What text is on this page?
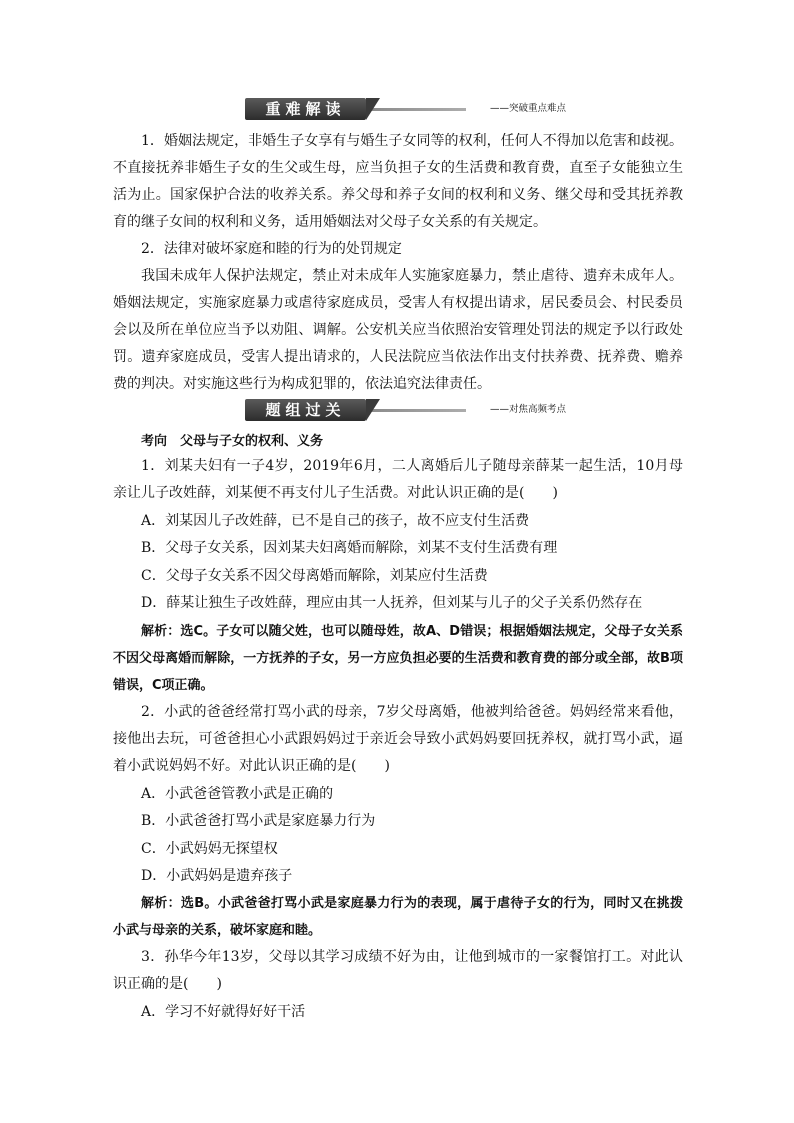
重难解读	——突破重点难点
1．婚姻法规定，非婚生子女享有与婚生子女同等的权利，任何人不得加以危害和歧视。不直接抚养非婚生子女的生父或生母，应当负担子女的生活费和教育费，直至子女能独立生活为止。国家保护合法的收养关系。养父母和养子女间的权利和义务、继父母和受其抚养教育的继子女间的权利和义务，适用婚姻法对父母子女关系的有关规定。
2．法律对破坏家庭和睦的行为的处罚规定
我国未成年人保护法规定，禁止对未成年人实施家庭暴力，禁止虐待、遗弃未成年人。婚姻法规定，实施家庭暴力或虐待家庭成员，受害人有权提出请求，居民委员会、村民委员会以及所在单位应当予以劝阻、调解。公安机关应当依照治安管理处罚法的规定予以行政处罚。遗弃家庭成员，受害人提出请求的，人民法院应当依法作出支付扶养费、抚养费、赡养费的判决。对实施这些行为构成犯罪的，依法追究法律责任。
题组过关	——对焦高频考点
考向　父母与子女的权利、义务
1．刘某夫妇有一子4岁，2019年6月，二人离婚后儿子随母亲薛某一起生活，10月母亲让儿子改姓薛，刘某便不再支付儿子生活费。对此认识正确的是(　　)
A．刘某因儿子改姓薛，已不是自己的孩子，故不应支付生活费
B．父母子女关系，因刘某夫妇离婚而解除，刘某不支付生活费有理
C．父母子女关系不因父母离婚而解除，刘某应付生活费
D．薛某让独生子改姓薛，理应由其一人抚养，但刘某与儿子的父子关系仍然存在
解析：选C。子女可以随父姓，也可以随母姓，故A、D错误；根据婚姻法规定，父母子女关系不因父母离婚而解除，一方抚养的子女，另一方应负担必要的生活费和教育费的部分或全部，故B项错误，C项正确。
2．小武的爸爸经常打骂小武的母亲，7岁父母离婚，他被判给爸爸。妈妈经常来看他，接他出去玩，可爸爸担心小武跟妈妈过于亲近会导致小武妈妈要回抚养权，就打骂小武，逼着小武说妈妈不好。对此认识正确的是(　　)
A．小武爸爸管教小武是正确的
B．小武爸爸打骂小武是家庭暴力行为
C．小武妈妈无探望权
D．小武妈妈是遗弃孩子
解析：选B。小武爸爸打骂小武是家庭暴力行为的表现，属于虐待子女的行为，同时又在挑拨小武与母亲的关系，破坏家庭和睦。
3．孙华今年13岁，父母以其学习成绩不好为由，让他到城市的一家餐馆打工。对此认识正确的是(　　)
A．学习不好就得好好干活
